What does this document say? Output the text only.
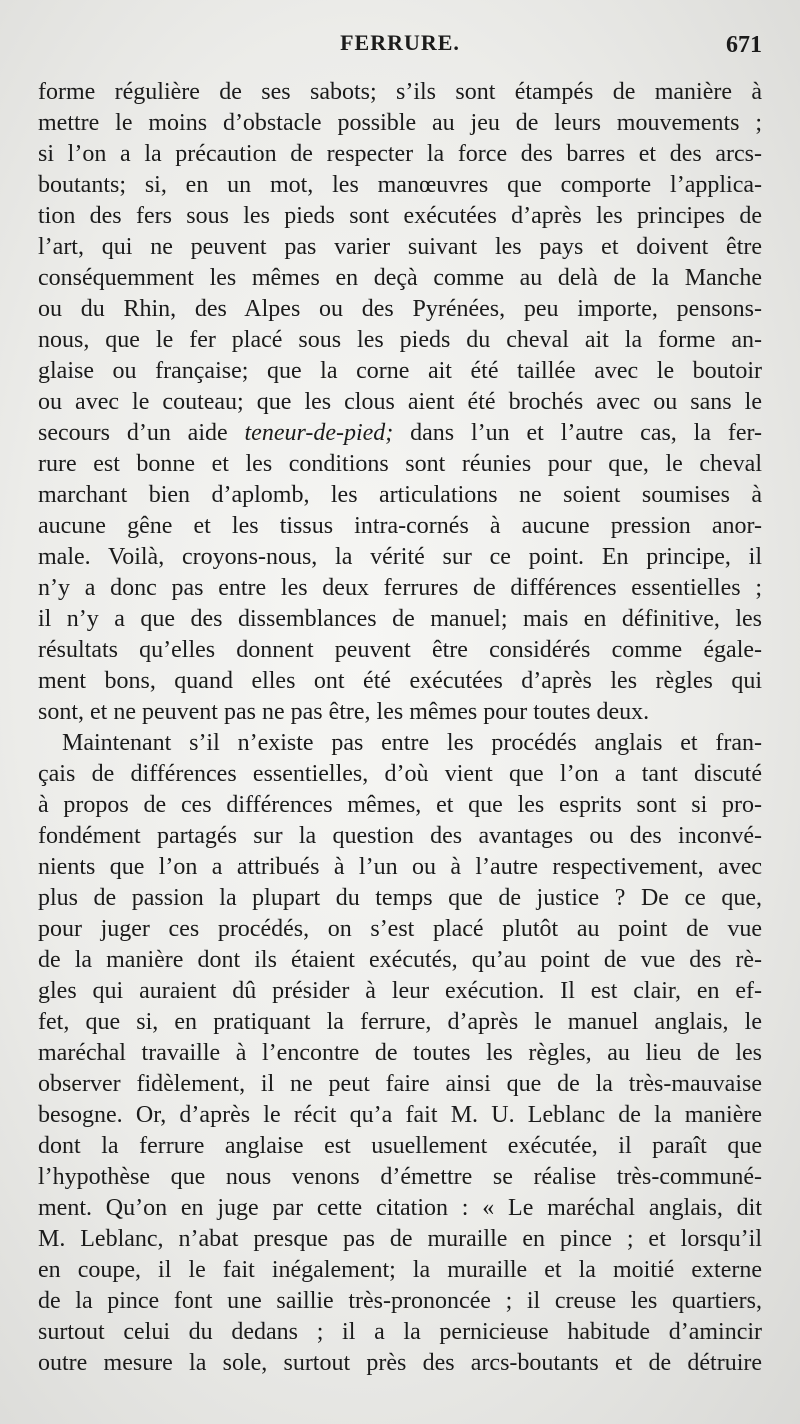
FERRURE.	671
forme régulière de ses sabots; s’ils sont étampés de manière à
mettre le moins d’obstacle possible au jeu de leurs mouvements ;
si l’on a la précaution de respecter la force des barres et des arcs-
boutants; si, en un mot, les manœuvres que comporte l’applica-
tion des fers sous les pieds sont exécutées d’après les principes de
l’art, qui ne peuvent pas varier suivant les pays et doivent être
conséquemment les mêmes en deçà comme au delà de la Manche
ou du Rhin, des Alpes ou des Pyrénées, peu importe, pensons-
nous, que le fer placé sous les pieds du cheval ait la forme an-
glaise ou française; que la corne ait été taillée avec le boutoir
ou avec le couteau; que les clous aient été brochés avec ou sans le
secours d’un aide teneur-de-pied; dans l’un et l’autre cas, la fer-
rure est bonne et les conditions sont réunies pour que, le cheval
marchant bien d’aplomb, les articulations ne soient soumises à
aucune gêne et les tissus intra-cornés à aucune pression anor-
male. Voilà, croyons-nous, la vérité sur ce point. En principe, il
n’y a donc pas entre les deux ferrures de différences essentielles ;
il n’y a que des dissemblances de manuel; mais en définitive, les
résultats qu’elles donnent peuvent être considérés comme égale-
ment bons, quand elles ont été exécutées d’après les règles qui
sont, et ne peuvent pas ne pas être, les mêmes pour toutes deux.
Maintenant s’il n’existe pas entre les procédés anglais et fran-
çais de différences essentielles, d’où vient que l’on a tant discuté
à propos de ces différences mêmes, et que les esprits sont si pro-
fondément partagés sur la question des avantages ou des inconvé-
nients que l’on a attribués à l’un ou à l’autre respectivement, avec
plus de passion la plupart du temps que de justice ? De ce que,
pour juger ces procédés, on s’est placé plutôt au point de vue
de la manière dont ils étaient exécutés, qu’au point de vue des rè-
gles qui auraient dû présider à leur exécution. Il est clair, en ef-
fet, que si, en pratiquant la ferrure, d’après le manuel anglais, le
maréchal travaille à l’encontre de toutes les règles, au lieu de les
observer fidèlement, il ne peut faire ainsi que de la très-mauvaise
besogne. Or, d’après le récit qu’a fait M. U. Leblanc de la manière
dont la ferrure anglaise est usuellement exécutée, il paraît que
l’hypothèse que nous venons d’émettre se réalise très-communé-
ment. Qu’on en juge par cette citation : « Le maréchal anglais, dit
M. Leblanc, n’abat presque pas de muraille en pince ; et lorsqu’il
en coupe, il le fait inégalement; la muraille et la moitié externe
de la pince font une saillie très-prononcée ; il creuse les quartiers,
surtout celui du dedans ; il a la pernicieuse habitude d’amincir
outre mesure la sole, surtout près des arcs-boutants et de détruire
